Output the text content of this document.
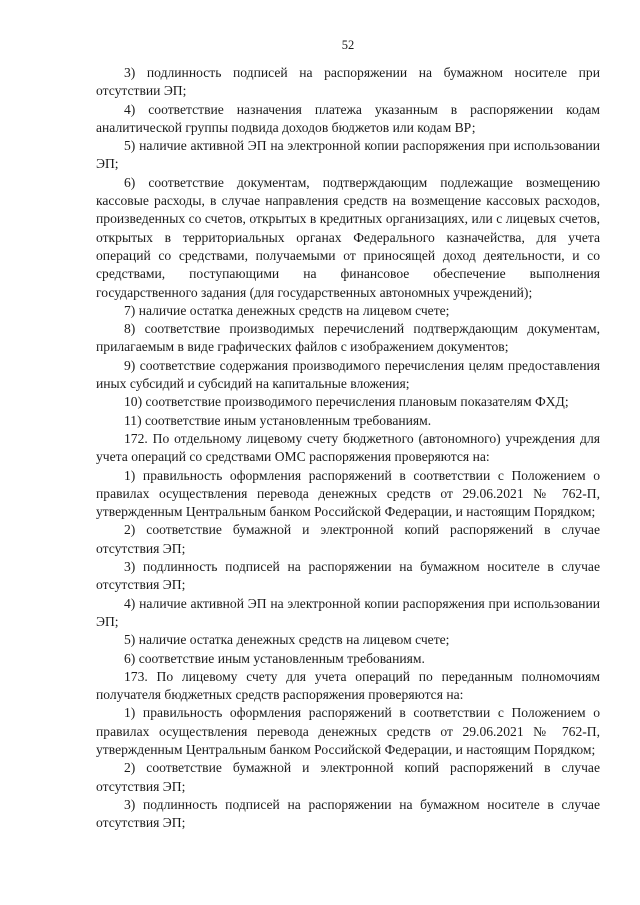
52

3) подлинность подписей на распоряжении на бумажном носителе при отсутствии ЭП;

4) соответствие назначения платежа указанным в распоряжении кодам аналитической группы подвида доходов бюджетов или кодам ВР;

5) наличие активной ЭП на электронной копии распоряжения при использовании ЭП;

6) соответствие документам, подтверждающим подлежащие возмещению кассовые расходы, в случае направления средств на возмещение кассовых расходов, произведенных со счетов, открытых в кредитных организациях, или с лицевых счетов, открытых в территориальных органах Федерального казначейства, для учета операций со средствами, получаемыми от приносящей доход деятельности, и со средствами, поступающими на финансовое обеспечение выполнения государственного задания (для государственных автономных учреждений);

7) наличие остатка денежных средств на лицевом счете;

8) соответствие производимых перечислений подтверждающим документам, прилагаемым в виде графических файлов с изображением документов;

9) соответствие содержания производимого перечисления целям предоставления иных субсидий и субсидий на капитальные вложения;

10) соответствие производимого перечисления плановым показателям ФХД;

11) соответствие иным установленным требованиям.

172. По отдельному лицевому счету бюджетного (автономного) учреждения для учета операций со средствами ОМС распоряжения проверяются на:

1) правильность оформления распоряжений в соответствии с Положением о правилах осуществления перевода денежных средств от 29.06.2021 № 762-П, утвержденным Центральным банком Российской Федерации, и настоящим Порядком;

2) соответствие бумажной и электронной копий распоряжений в случае отсутствия ЭП;

3) подлинность подписей на распоряжении на бумажном носителе в случае отсутствия ЭП;

4) наличие активной ЭП на электронной копии распоряжения при использовании ЭП;

5) наличие остатка денежных средств на лицевом счете;

6) соответствие иным установленным требованиям.

173. По лицевому счету для учета операций по переданным полномочиям получателя бюджетных средств распоряжения проверяются на:

1) правильность оформления распоряжений в соответствии с Положением о правилах осуществления перевода денежных средств от 29.06.2021 № 762-П, утвержденным Центральным банком Российской Федерации, и настоящим Порядком;

2) соответствие бумажной и электронной копий распоряжений в случае отсутствия ЭП;

3) подлинность подписей на распоряжении на бумажном носителе в случае отсутствия ЭП;
